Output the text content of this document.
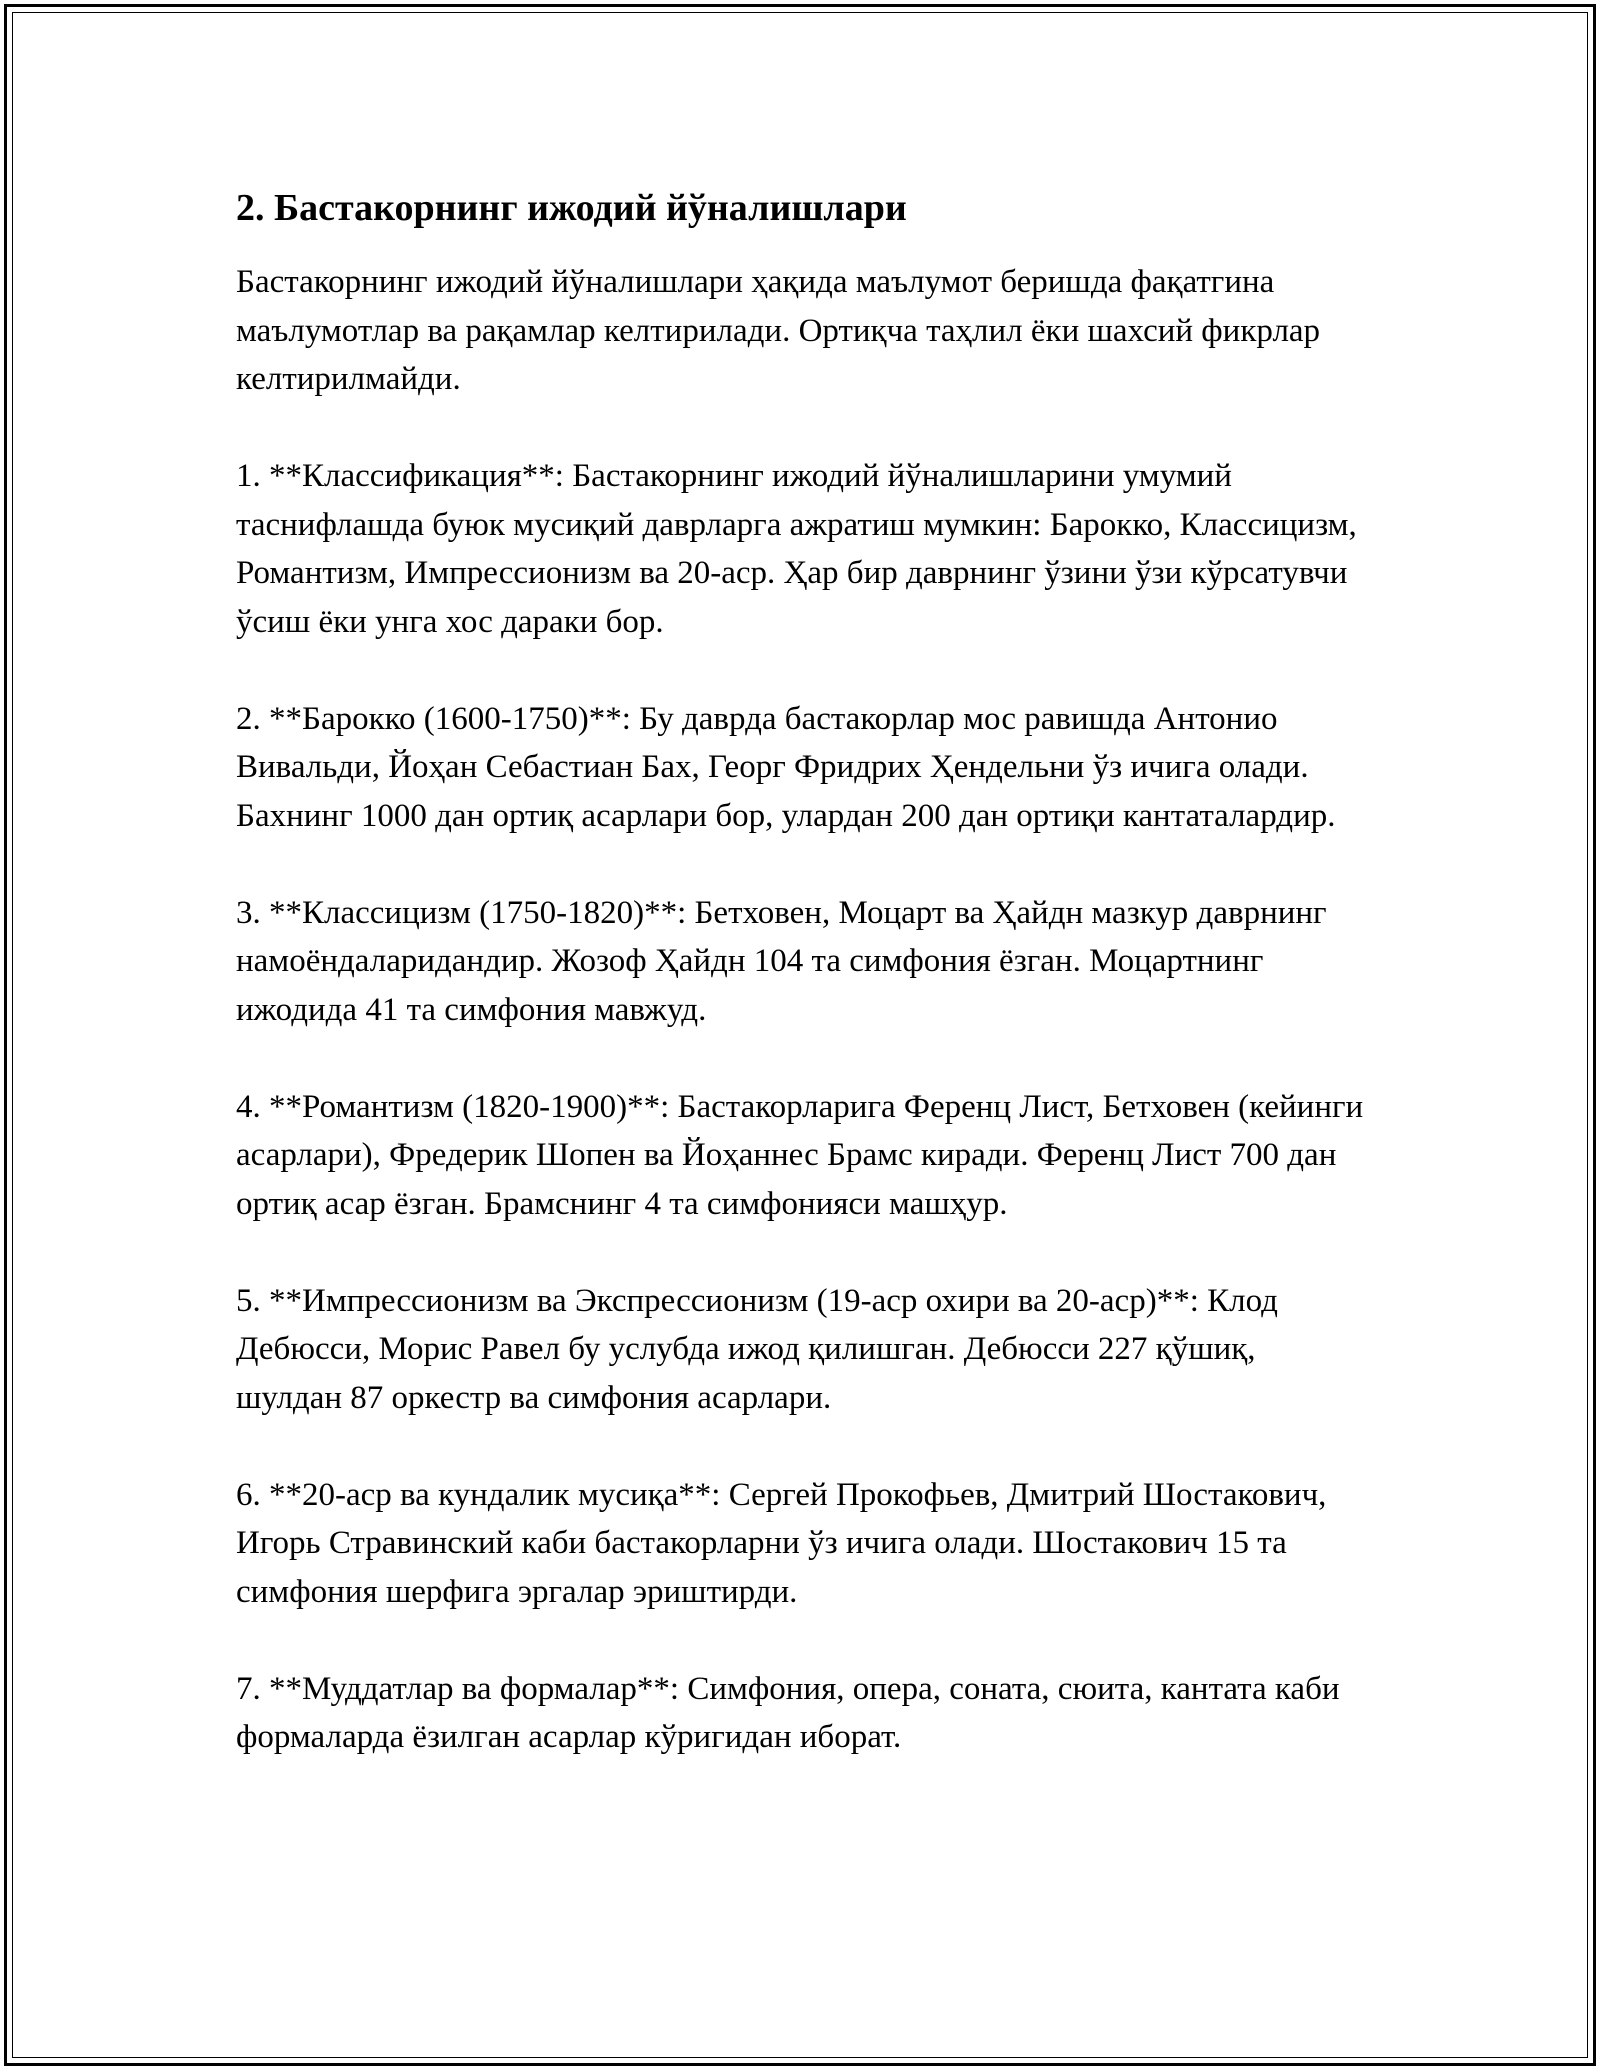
2. Бастакорнинг ижодий йўналишлари

Бастакорнинг ижодий йўналишлари ҳақида маълумот беришда фақатгина маълумотлар ва рақамлар келтирилади. Ортиқча таҳлил ёки шахсий фикрлар келтирилмайди.

1. **Классификация**: Бастакорнинг ижодий йўналишларини умумий таснифлашда буюк мусиқий даврларга ажратиш мумкин: Барокко, Классицизм, Романтизм, Импрессионизм ва 20-аср. Ҳар бир даврнинг ўзини ўзи кўрсатувчи ўсиш ёки унга хос дараки бор.

2. **Барокко (1600-1750)**: Бу даврда бастакорлар мос равишда Антонио Вивальди, Йоҳан Себастиан Бах, Георг Фридрих Ҳендельни ўз ичига олади. Бахнинг 1000 дан ортиқ асарлари бор, улардан 200 дан ортиқи кантаталардир.

3. **Классицизм (1750-1820)**: Бетховен, Моцарт ва Ҳайдн мазкур даврнинг намоёндаларидандир. Жозоф Ҳайдн 104 та симфония ёзган. Моцартнинг ижодида 41 та симфония мавжуд.

4. **Романтизм (1820-1900)**: Бастакорларига Ференц Лист, Бетховен (кейинги асарлари), Фредерик Шопен ва Йоҳаннес Брамс киради. Ференц Лист 700 дан ортиқ асар ёзган. Брамснинг 4 та симфонияси машҳур.

5. **Импрессионизм ва Экспрессионизм (19-аср охири ва 20-аср)**: Клод Дебюсси, Морис Равел бу услубда ижод қилишган. Дебюсси 227 қўшиқ, шулдан 87 оркестр ва симфония асарлари.

6. **20-аср ва кундалик мусиқа**: Сергей Прокофьев, Дмитрий Шостакович, Игорь Стравинский каби бастакорларни ўз ичига олади. Шостакович 15 та симфония шерфига эргалар эриштирди.

7. **Муддатлар ва формалар**: Симфония, опера, соната, сюита, кантата каби формаларда ёзилган асарлар кўригидан иборат.
